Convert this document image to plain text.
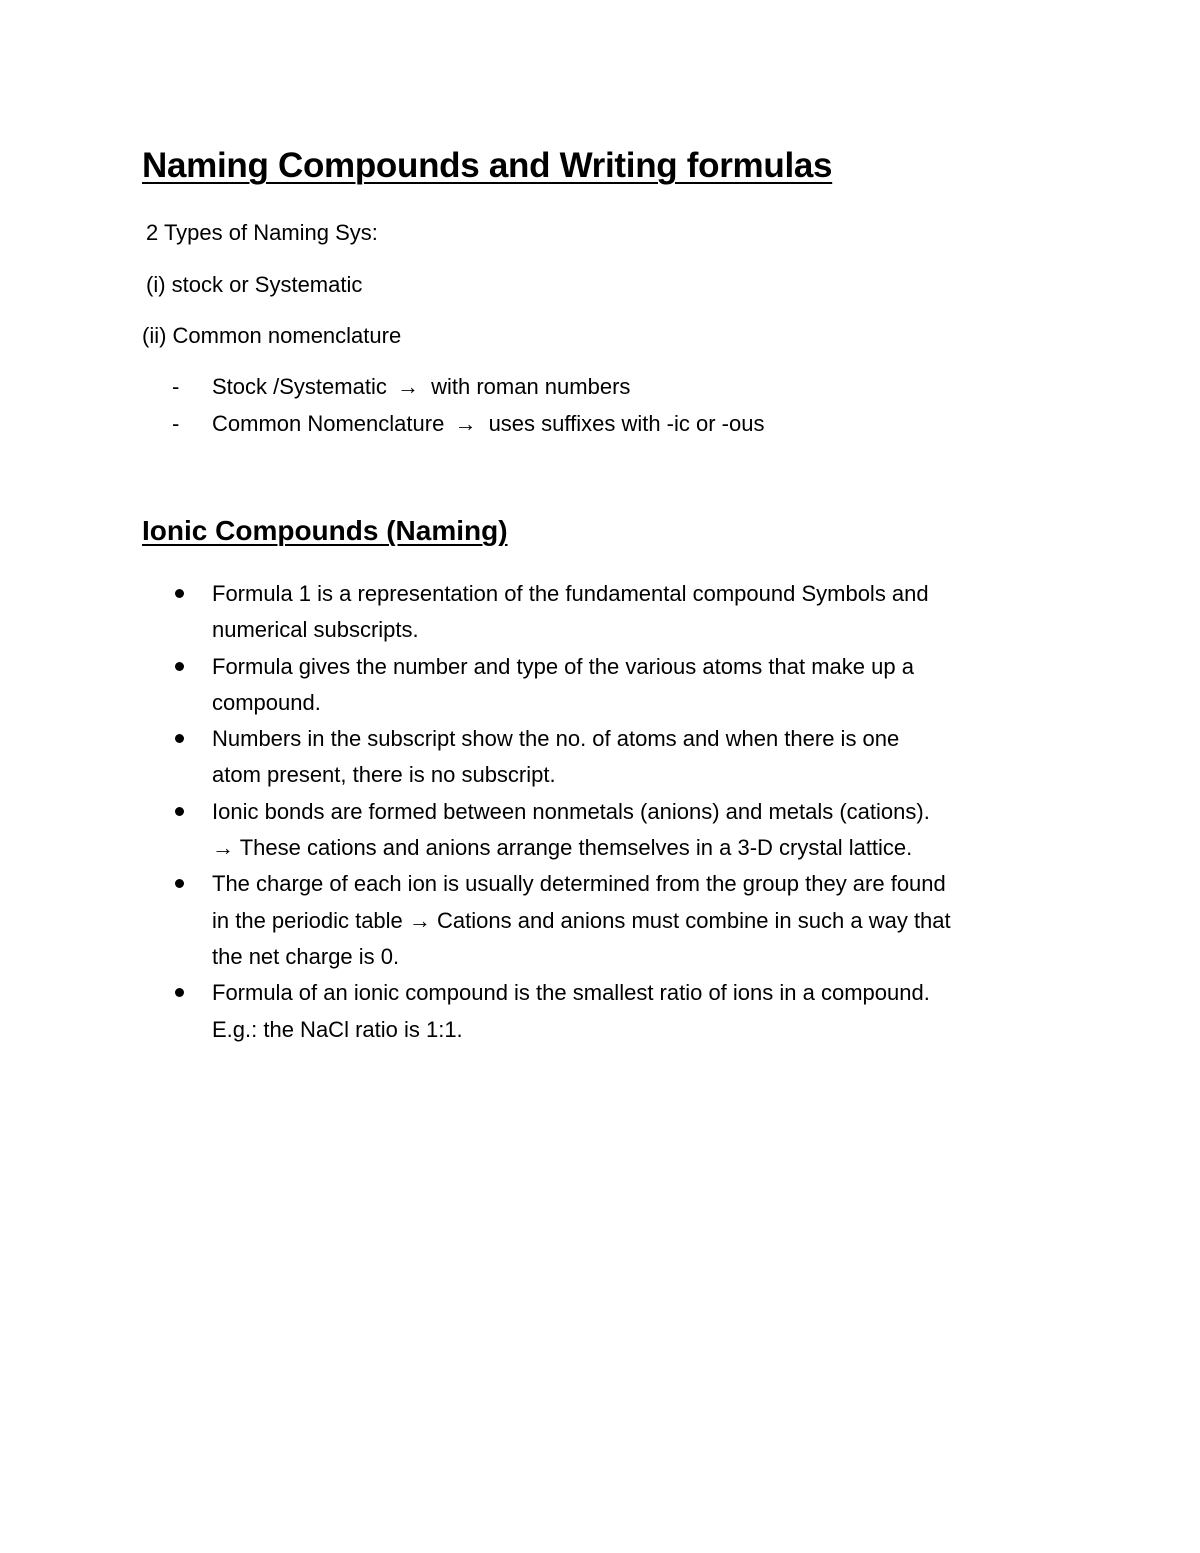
Naming Compounds and Writing formulas

2 Types of Naming Sys:

(i) stock or Systematic

(ii) Common nomenclature

- Stock /Systematic → with roman numbers
- Common Nomenclature → uses suffixes with -ic or -ous
Ionic Compounds (Naming)
Formula 1 is a representation of the fundamental compound Symbols and
numerical subscripts.
Formula gives the number and type of the various atoms that make up a
compound.
Numbers in the subscript show the no. of atoms and when there is one
atom present, there is no subscript.
Ionic bonds are formed between nonmetals (anions) and metals (cations).
→ These cations and anions arrange themselves in a 3-D crystal lattice.
The charge of each ion is usually determined from the group they are found
in the periodic table → Cations and anions must combine in such a way that
the net charge is 0.
Formula of an ionic compound is the smallest ratio of ions in a compound.
E.g.: the NaCl ratio is 1:1.
